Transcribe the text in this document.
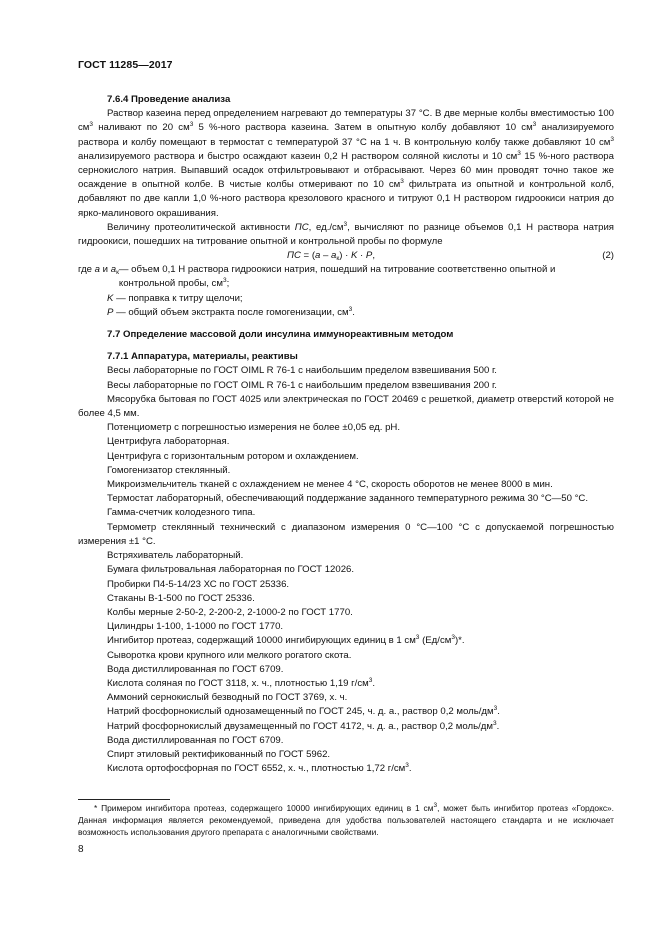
ГОСТ 11285—2017

7.6.4 Проведение анализа

Раствор казеина перед определением нагревают до температуры 37 °С. В две мерные колбы вместимостью 100 $см^3$ наливают по 20 $см^3$ 5 %-ного раствора казеина. Затем в опытную колбу добавляют 10 $см^3$ анализируемого раствора и колбу помещают в термостат с температурой 37 °С на 1 ч. В контрольную колбу также добавляют 10 $см^3$ анализируемого раствора и быстро осаждают казеин 0,2 Н раствором соляной кислоты и 10 $см^3$ 15 %-ного раствора сернокислого натрия. Выпавший осадок отфильтровывают и отбрасывают. Через 60 мин проводят точно такое же осаждение в опытной колбе. В чистые колбы отмеривают по 10 $см^3$ фильтрата из опытной и контрольной колб, добавляют по две капли 1,0 %-ного раствора крезолового красного и титруют 0,1 Н раствором гидроокиси натрия до ярко-малинового окрашивания.

Величину протеолитической активности ПС, $ед./см^3$, вычисляют по разнице объемов 0,1 Н раствора натрия гидроокиси, пошедших на титрование опытной и контрольной пробы по формуле

ПС = $(a - a_к) \cdot K \cdot P$,	(2)
где a и $a_к$ — объем 0,1 Н раствора гидроокиси натрия, пошедший на титрование соответственно опытной и контрольной пробы, $см^3$;

K — поправка к титру щелочи;

P — общий объем экстракта после гомогенизации, $см^3$.

7.7 Определение массовой доли инсулина иммунореактивным методом

7.7.1 Аппаратура, материалы, реактивы

Весы лабораторные по ГОСТ OIML R 76-1 с наибольшим пределом взвешивания 500 г.

Весы лабораторные по ГОСТ OIML R 76-1 с наибольшим пределом взвешивания 200 г.

Мясорубка бытовая по ГОСТ 4025 или электрическая по ГОСТ 20469 с решеткой, диаметр отверстий которой не более 4,5 мм.

Потенциометр с погрешностью измерения не более ±0,05 ед. рН.

Центрифуга лабораторная.

Центрифуга с горизонтальным ротором и охлаждением.

Гомогенизатор стеклянный.

Микроизмельчитель тканей с охлаждением не менее 4 °С, скорость оборотов не менее 8000 в мин.

Термостат лабораторный, обеспечивающий поддержание заданного температурного режима 30 °С—50 °С.

Гамма-счетчик колодезного типа.

Термометр стеклянный технический с диапазоном измерения 0 °С—100 °С с допускаемой погрешностью измерения ±1 °С.

Встряхиватель лабораторный.

Бумага фильтровальная лабораторная по ГОСТ 12026.

Пробирки П4-5-14/23 ХС по ГОСТ 25336.

Стаканы В-1-500 по ГОСТ 25336.

Колбы мерные 2-50-2, 2-200-2, 2-1000-2 по ГОСТ 1770.

Цилиндры 1-100, 1-1000 по ГОСТ 1770.

Ингибитор протеаз, содержащий 10000 ингибирующих единиц в 1 $см^3$ $(Ед/см^3)*$.

Сыворотка крови крупного или мелкого рогатого скота.

Вода дистиллированная по ГОСТ 6709.

Кислота соляная по ГОСТ 3118, х. ч., плотностью 1,19 $г/см^3$.

Аммоний сернокислый безводный по ГОСТ 3769, х. ч.

Натрий фосфорнокислый однозамещенный по ГОСТ 245, ч. д. а., раствор 0,2 моль/$дм^3$.

Натрий фосфорнокислый двузамещенный по ГОСТ 4172, ч. д. а., раствор 0,2 моль/$дм^3$.

Вода дистиллированная по ГОСТ 6709.

Спирт этиловый ректификованный по ГОСТ 5962.

Кислота ортофосфорная по ГОСТ 6552, х. ч., плотностью 1,72 $г/см^3$.

* Примером ингибитора протеаз, содержащего 10000 ингибирующих единиц в 1 $см^3$, может быть ингибитор протеаз «Гордокс». Данная информация является рекомендуемой, приведена для удобства пользователей настоящего стандарта и не исключает возможность использования другого препарата с аналогичными свойствами.
8
